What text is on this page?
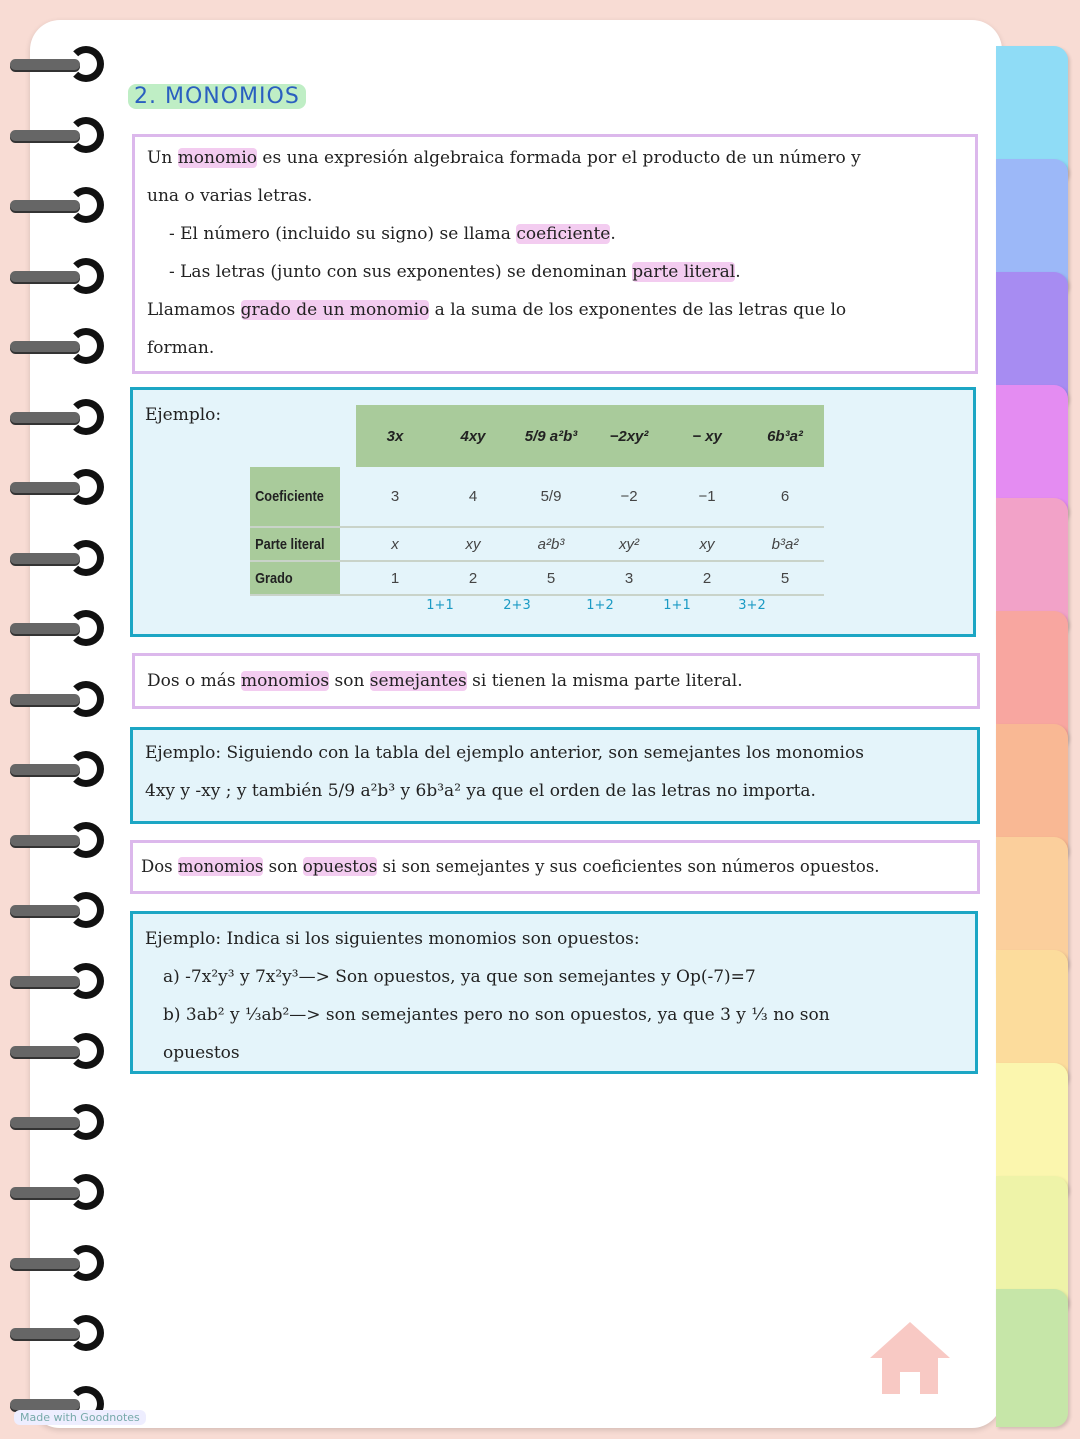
2. MONOMIOS
Un monomio es una expresión algebraica formada por el producto de un número y
una o varias letras.
- El número (incluido su signo) se llama coeficiente.
- Las letras (junto con sus exponentes) se denominan parte literal.
Llamamos grado de un monomio a la suma de los exponentes de las letras que lo
forman.
Ejemplo:
	3x	4xy	5/9 a²b³	−2xy²	− xy	6b³a²
Coeficiente	3	4	5/9	−2	−1	6
Parte literal	x	xy	a²b³	xy²	xy	b³a²
Grado	1	2	5	3	2	5
1+1	2+3	1+2	1+1	3+2
Dos o más monomios son semejantes si tienen la misma parte literal.
Ejemplo: Siguiendo con la tabla del ejemplo anterior, son semejantes los monomios
4xy y -xy ; y también 5/9 a²b³ y 6b³a² ya que el orden de las letras no importa.
Dos monomios son opuestos si son semejantes y sus coeficientes son números opuestos.
Ejemplo: Indica si los siguientes monomios son opuestos:
a) -7x²y³ y 7x²y³—> Son opuestos, ya que son semejantes y Op(-7)=7
b) 3ab² y ⅓ab²—> son semejantes pero no son opuestos, ya que 3 y ⅓ no son
opuestos
Made with Goodnotes
